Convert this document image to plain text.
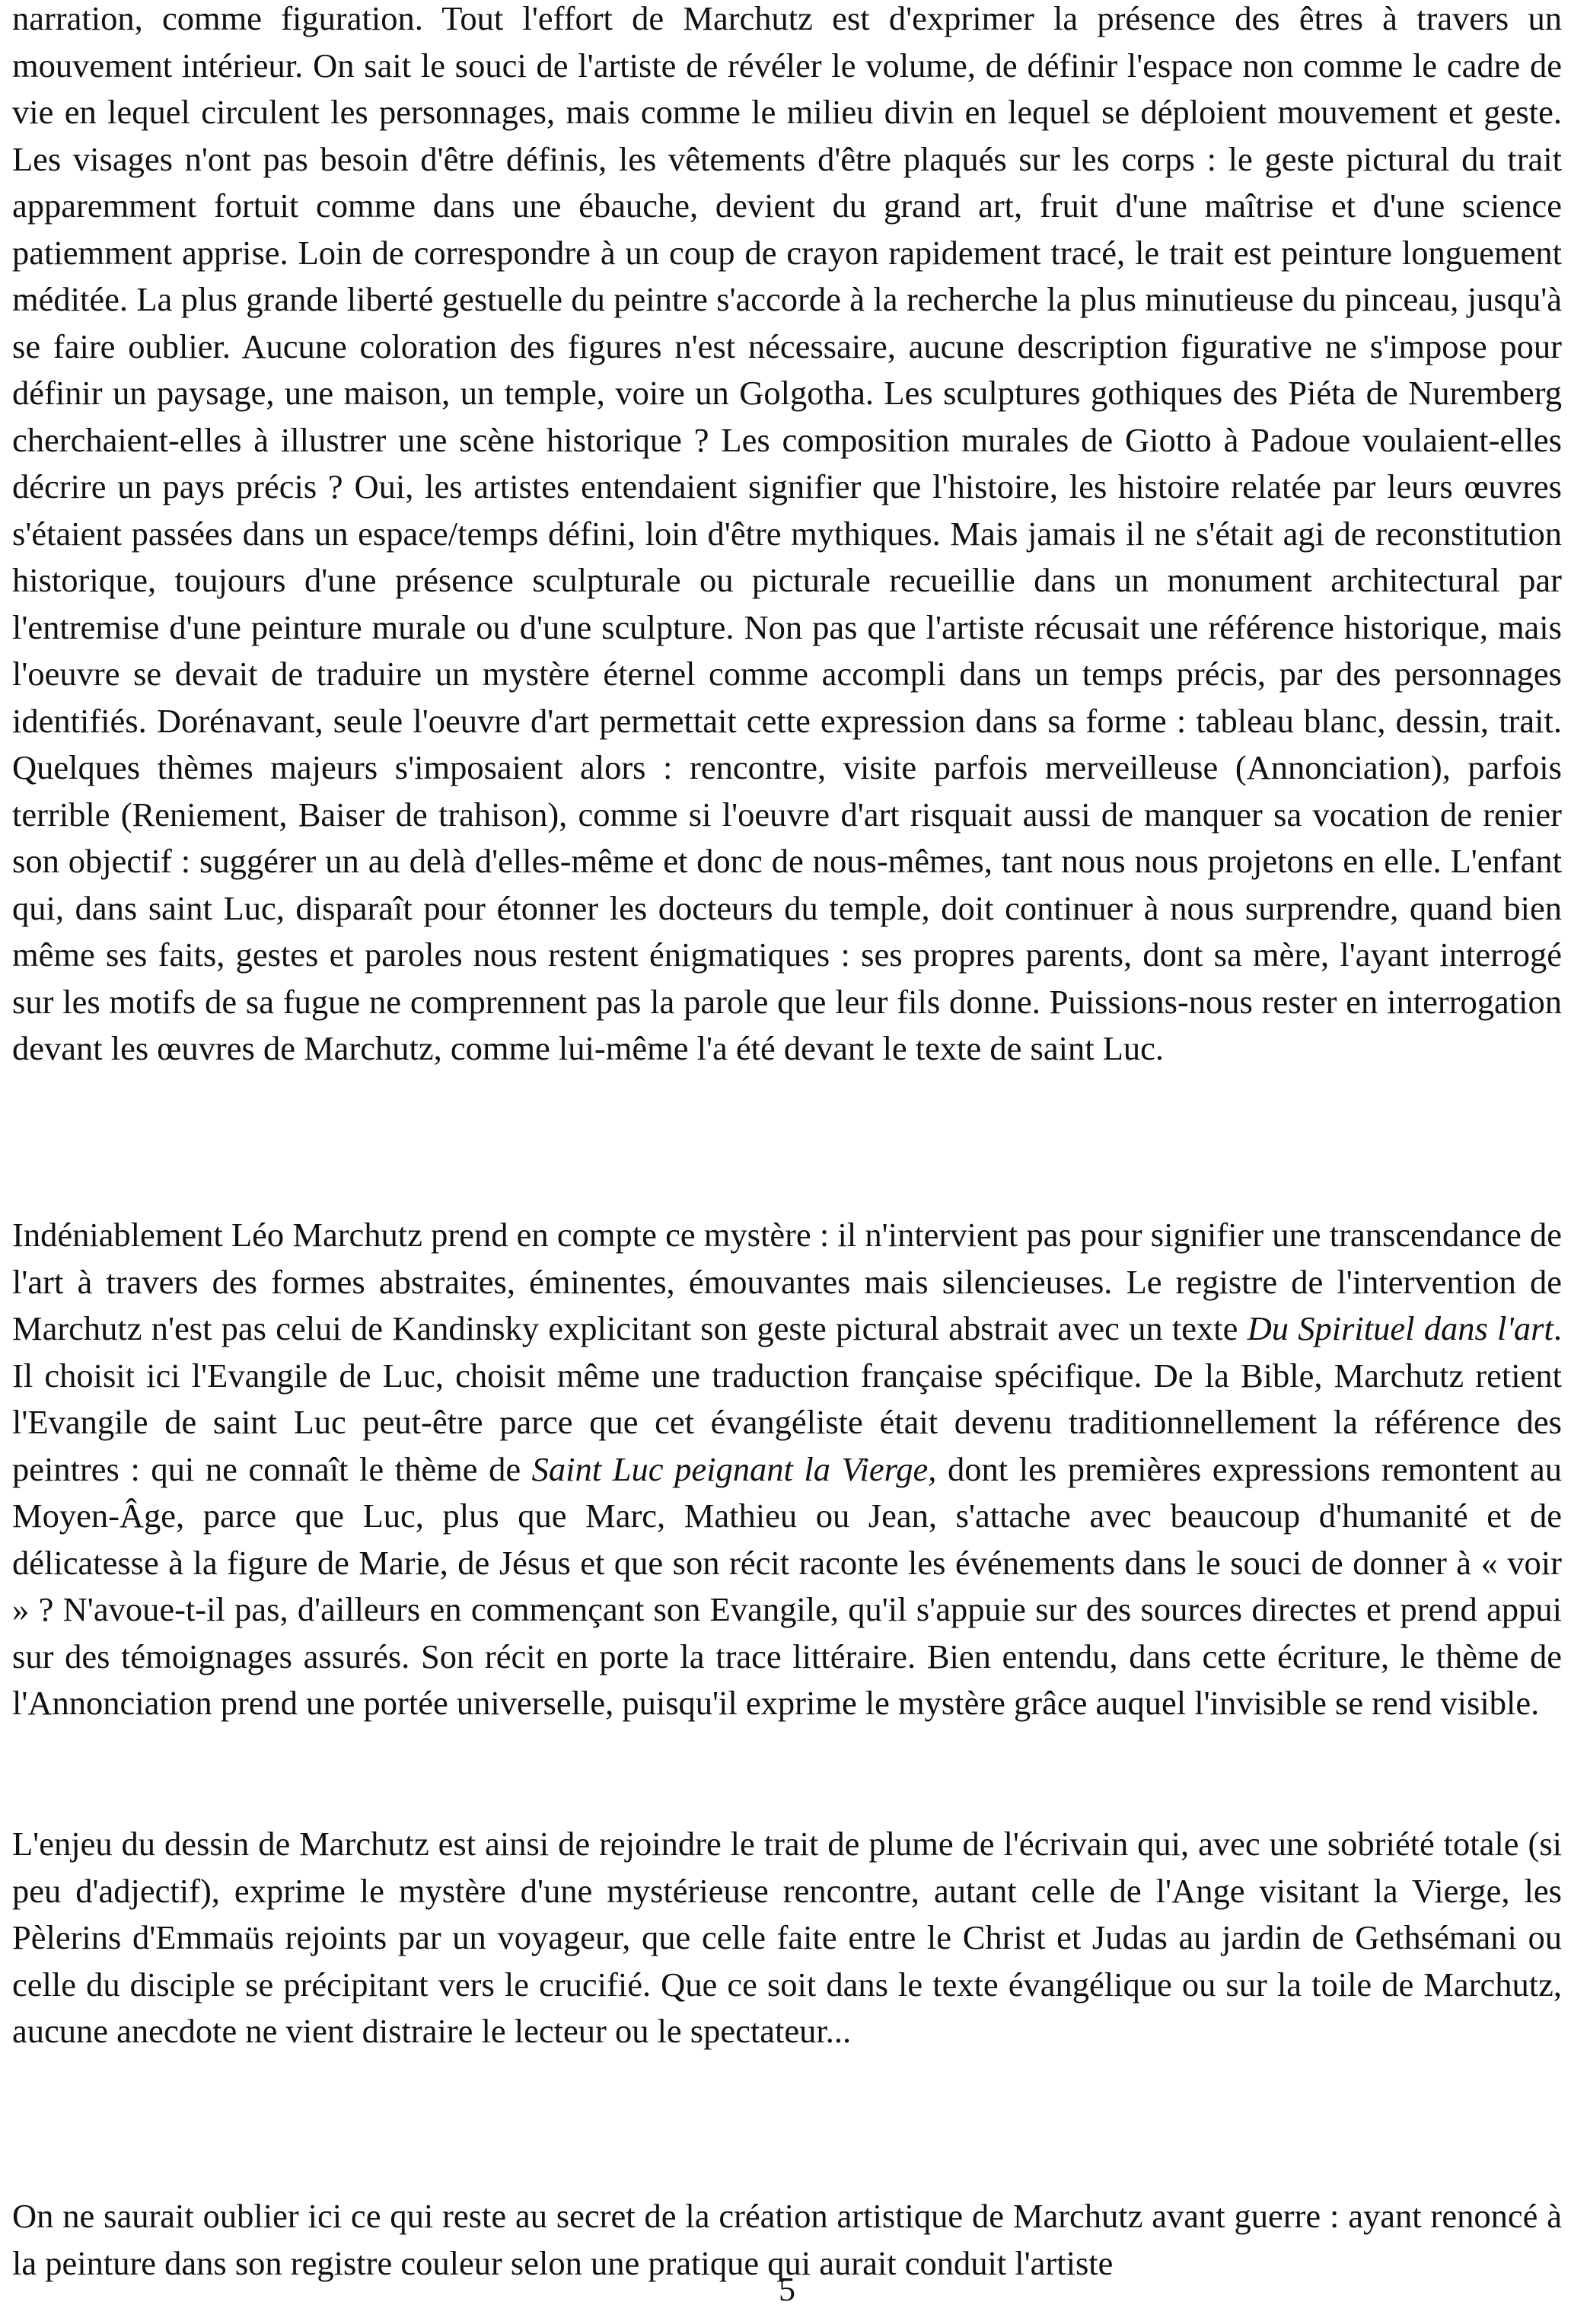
narration, comme figuration. Tout l'effort de Marchutz est d'exprimer la présence des êtres à travers un mouvement intérieur. On sait le souci de l'artiste de révéler le volume, de définir l'espace non comme le cadre de vie en lequel circulent les personnages, mais comme le milieu divin en lequel se déploient mouvement et geste. Les visages n'ont pas besoin d'être définis, les vêtements d'être plaqués sur les corps : le geste pictural du trait apparemment fortuit comme dans une ébauche, devient du grand art, fruit d'une maîtrise et d'une science patiemment apprise. Loin de correspondre à un coup de crayon rapidement tracé, le trait est peinture longuement méditée. La plus grande liberté gestuelle du peintre s'accorde à la recherche la plus minutieuse du pinceau, jusqu'à se faire oublier. Aucune coloration des figures n'est nécessaire, aucune description figurative ne s'impose pour définir un paysage, une maison, un temple, voire un Golgotha. Les sculptures gothiques des Piéta de Nuremberg cherchaient-elles à illustrer une scène historique ? Les composition murales de Giotto à Padoue voulaient-elles décrire un pays précis ? Oui, les artistes entendaient signifier que l'histoire, les histoire relatée par leurs œuvres s'étaient passées dans un espace/temps défini, loin d'être mythiques. Mais jamais il ne s'était agi de reconstitution historique, toujours d'une présence sculpturale ou picturale recueillie dans un monument architectural par l'entremise d'une peinture murale ou d'une sculpture. Non pas que l'artiste récusait une référence historique, mais l'oeuvre se devait de traduire un mystère éternel comme accompli dans un temps précis, par des personnages identifiés. Dorénavant, seule l'oeuvre d'art permettait cette expression dans sa forme : tableau blanc, dessin, trait. Quelques thèmes majeurs s'imposaient alors : rencontre, visite parfois merveilleuse (Annonciation), parfois terrible (Reniement, Baiser de trahison), comme si l'oeuvre d'art risquait aussi de manquer sa vocation de renier son objectif : suggérer un au delà d'elles-même et donc de nous-mêmes, tant nous nous projetons en elle. L'enfant qui, dans saint Luc, disparaît pour étonner les docteurs du temple, doit continuer à nous surprendre, quand bien même ses faits, gestes et paroles nous restent énigmatiques : ses propres parents, dont sa mère, l'ayant interrogé sur les motifs de sa fugue ne comprennent pas la parole que leur fils donne. Puissions-nous rester en interrogation devant les œuvres de Marchutz, comme lui-même l'a été devant le texte de saint Luc.

Indéniablement Léo Marchutz prend en compte ce mystère : il n'intervient pas pour signifier une transcendance de l'art à travers des formes abstraites, éminentes, émouvantes mais silencieuses. Le registre de l'intervention de Marchutz n'est pas celui de Kandinsky explicitant son geste pictural abstrait avec un texte Du Spirituel dans l'art. Il choisit ici l'Evangile de Luc, choisit même une traduction française spécifique. De la Bible, Marchutz retient l'Evangile de saint Luc peut-être parce que cet évangéliste était devenu traditionnellement la référence des peintres : qui ne connaît le thème de Saint Luc peignant la Vierge, dont les premières expressions remontent au Moyen-Âge, parce que Luc, plus que Marc, Mathieu ou Jean, s'attache avec beaucoup d'humanité et de délicatesse à la figure de Marie, de Jésus et que son récit raconte les événements dans le souci de donner à « voir » ? N'avoue-t-il pas, d'ailleurs en commençant son Evangile, qu'il s'appuie sur des sources directes et prend appui sur des témoignages assurés. Son récit en porte la trace littéraire. Bien entendu, dans cette écriture, le thème de l'Annonciation prend une portée universelle, puisqu'il exprime le mystère grâce auquel l'invisible se rend visible.

L'enjeu du dessin de Marchutz est ainsi de rejoindre le trait de plume de l'écrivain qui, avec une sobriété totale (si peu d'adjectif), exprime le mystère d'une mystérieuse rencontre, autant celle de l'Ange visitant la Vierge, les Pèlerins d'Emmaüs rejoints par un voyageur, que celle faite entre le Christ et Judas au jardin de Gethsémani ou celle du disciple se précipitant vers le crucifié. Que ce soit dans le texte évangélique ou sur la toile de Marchutz, aucune anecdote ne vient distraire le lecteur ou le spectateur...

On ne saurait oublier ici ce qui reste au secret de la création artistique de Marchutz avant guerre : ayant renoncé à la peinture dans son registre couleur selon une pratique qui aurait conduit l'artiste

5
